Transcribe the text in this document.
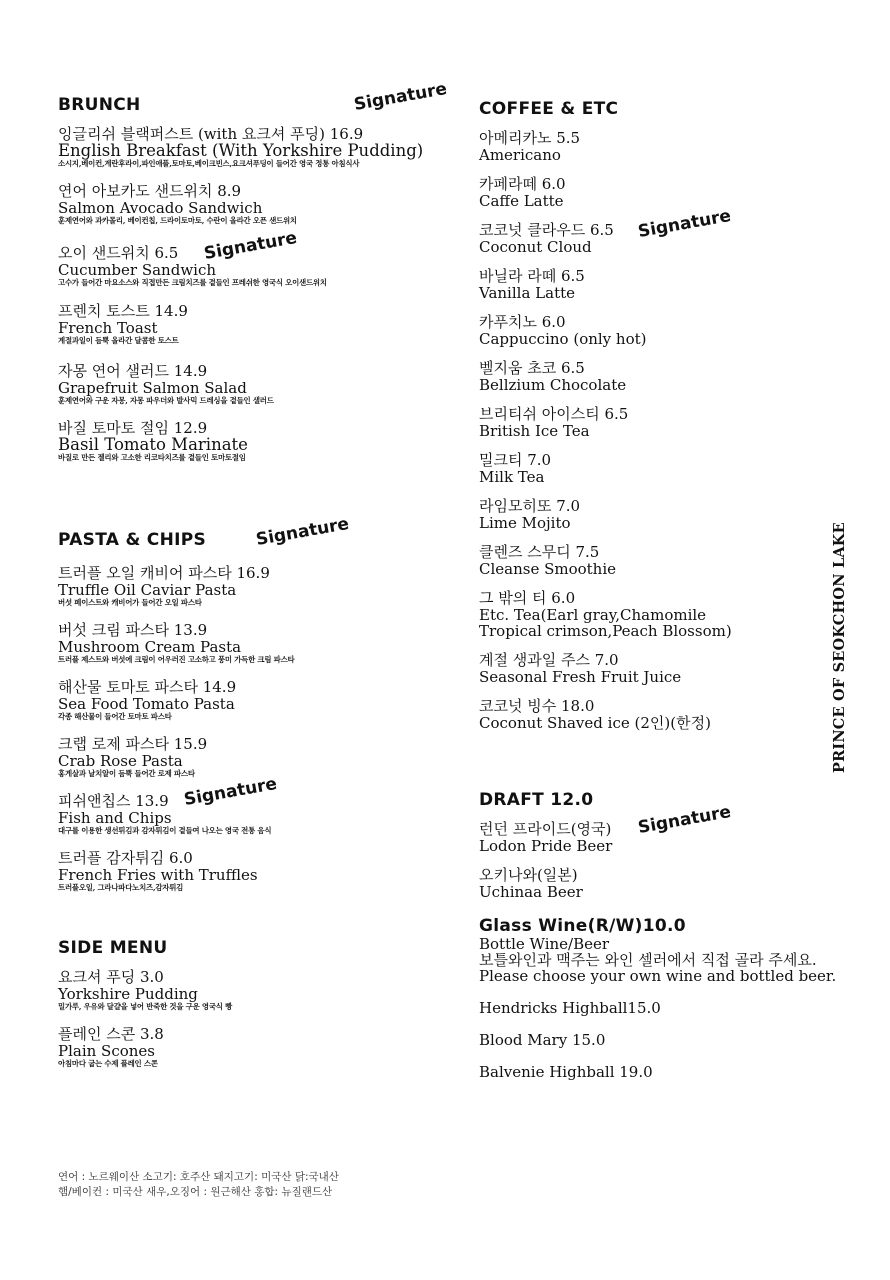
BRUNCH
잉글리쉬 블랙퍼스트 (with 요크셔 푸딩) 16.9
English Breakfast (With Yorkshire Pudding)
소시지,베이컨,계란후라이,파인애플,토마토,베이크빈스,요크셔푸딩이 들어간 영국 정통 아침식사
연어 아보카도 샌드위치 8.9
Salmon Avocado Sandwich
훈제연어와 과카몰리, 베이컨칩, 드라이토마토, 수란이 올라간 오픈 샌드위치
오이 샌드위치 6.5
Cucumber Sandwich
고수가 들어간 마요소스와 직접만든 크림치즈를 곁들인 프레쉬한 영국식 오이샌드위치
프렌치 토스트 14.9
French Toast
계절과일이 듬뿍 올라간 달콤한 토스트
자몽 연어 샐러드 14.9
Grapefruit Salmon Salad
훈제연어와 구운 자몽, 자몽 파우더와 발사믹 드레싱을 곁들인 샐러드
바질 토마토 절임 12.9
Basil Tomato Marinate
바질로 만든 젤리와 고소한 리코타치즈를 곁들인 토마토절임
PASTA & CHIPS
트러플 오일 캐비어 파스타 16.9
Truffle Oil Caviar Pasta
버섯 페이스트와 캐비어가 들어간 오일 파스타
버섯 크림 파스타 13.9
Mushroom Cream Pasta
트러플 제스트와 버섯에 크림이 어우러진 고소하고 풍미 가득한 크림 파스타
해산물 토마토 파스타 14.9
Sea Food Tomato Pasta
각종 해산물이 들어간 토마토 파스타
크랩 로제 파스타 15.9
Crab Rose Pasta
홍게살과 날치알이 듬뿍 들어간 로제 파스타
피쉬앤칩스 13.9
Fish and Chips
대구를 이용한 생선튀김과 감자튀김이 곁들여 나오는 영국 전통 음식
트러플 감자튀김 6.0
French Fries with Truffles
트러플오일, 그라나파다노치즈,감자튀김
SIDE MENU
요크셔 푸딩 3.0
Yorkshire Pudding
밀가루, 우유와 달걀을 넣어 반죽한 것을 구운 영국식 빵
플레인 스콘 3.8
Plain Scones
아침마다 굽는 수제 플레인 스콘
COFFEE & ETC
아메리카노 5.5
Americano
카페라떼 6.0
Caffe Latte
코코넛 클라우드 6.5
Coconut Cloud
바닐라 라떼 6.5
Vanilla Latte
카푸치노 6.0
Cappuccino (only hot)
벨지움 초코 6.5
Bellzium Chocolate
브리티쉬 아이스티 6.5
British Ice Tea
밀크티 7.0
Milk Tea
라임모히또 7.0
Lime Mojito
클렌즈 스무디 7.5
Cleanse Smoothie
그 밖의 티 6.0
Etc. Tea(Earl gray,Chamomile
Tropical crimson,Peach Blossom)
계절 생과일 주스 7.0
Seasonal Fresh Fruit Juice
코코넛 빙수 18.0
Coconut Shaved ice (2인)(한정)
DRAFT 12.0
런던 프라이드(영국)
Lodon Pride Beer
오키나와(일본)
Uchinaa Beer
Glass Wine(R/W)10.0
Bottle Wine/Beer
보틀와인과 맥주는 와인 셀러에서 직접 골라 주세요.
Please choose your own wine and bottled beer.
Hendricks Highball15.0
Blood Mary 15.0
Balvenie Highball 19.0
Signature
Signature
Signature
Signature
Signature
Signature
PRINCE OF SEOKCHON LAKE
연어 : 노르웨이산 소고기: 호주산 돼지고기: 미국산 닭:국내산
햄/베이컨 : 미국산 새우,오징어 : 원근해산 홍합: 뉴질랜드산
